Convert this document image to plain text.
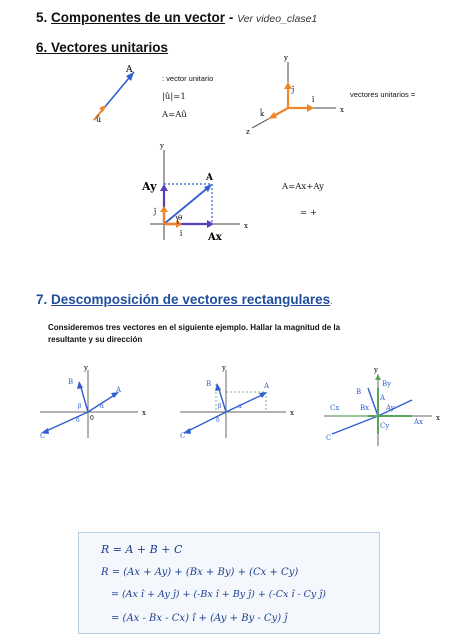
5. Componentes de un vector - Ver video_clase1
6. Vectores unitarios
A
û
: vector unitario
|û|=1
A=Aû
y
x
z
ĵ
î
k̂
vectores unitarios =
y
x
A
Ay
Ax
θ
î
ĵ
A=Ax+Ay
= +
7. Descomposición de vectores rectangulares.
Consideremos tres vectores en el siguiente ejemplo. Hallar la magnitud de la resultante y su dirección
y
x
A
B
C
α
β
δ 0
y
x
A
B
C
α
β
δ
y
x
By
B
A
Ay
Bx
Cx
C
Cy	Ax
R = A + B + C
R = (Ax + Ay) + (Bx + By) + (Cx + Cy)
= (Ax î + Ay ĵ) + (-Bx î + By ĵ) + (-Cx î - Cy ĵ)
= (Ax - Bx - Cx) î + (Ay + By - Cy) ĵ
